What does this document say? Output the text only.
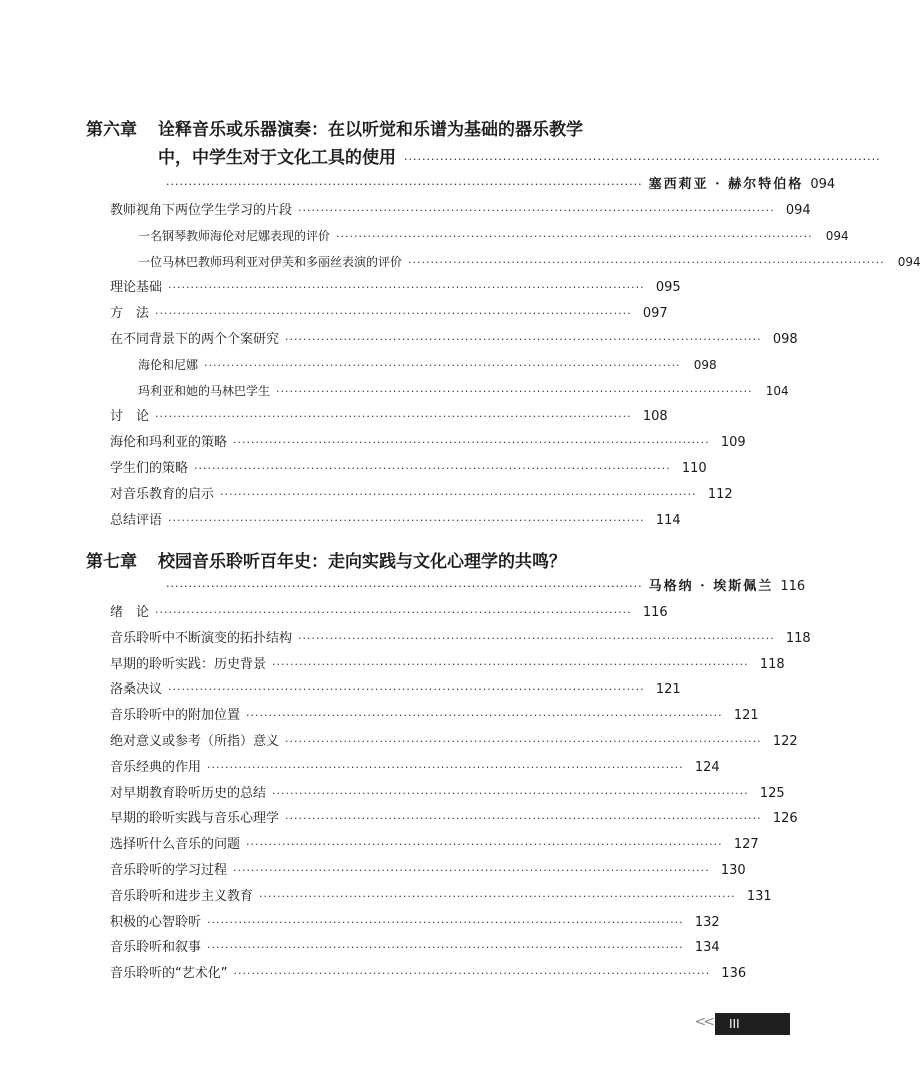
第六章	诠释音乐或乐器演奏：在以听觉和乐谱为基础的器乐教学
中，中学生对于文化工具的使用 ··········································································································
·········································································································· 塞西莉亚 · 赫尔特伯格 094
教师视角下两位学生学习的片段 ·········································································································· 094
一名钢琴教师海伦对尼娜表现的评价 ··········································································································	094
一位马林巴教师玛利亚对伊芙和多丽丝表演的评价 ··········································································································	094
理论基础 ·········································································································· 095
方　法 ·········································································································· 097
在不同背景下的两个个案研究 ·········································································································· 098
海伦和尼娜 ··········································································································	098
玛利亚和她的马林巴学生 ··········································································································	104
讨　论 ·········································································································· 108
海伦和玛利亚的策略 ·········································································································· 109
学生们的策略 ·········································································································· 110
对音乐教育的启示 ·········································································································· 112
总结评语 ·········································································································· 114
第七章	校园音乐聆听百年史：走向实践与文化心理学的共鸣？
·········································································································· 马格纳 · 埃斯佩兰 116
绪　论 ·········································································································· 116
音乐聆听中不断演变的拓扑结构 ·········································································································· 118
早期的聆听实践：历史背景 ·········································································································· 118
洛桑决议 ·········································································································· 121
音乐聆听中的附加位置 ·········································································································· 121
绝对意义或参考（所指）意义 ·········································································································· 122
音乐经典的作用 ·········································································································· 124
对早期教育聆听历史的总结 ·········································································································· 125
早期的聆听实践与音乐心理学 ·········································································································· 126
选择听什么音乐的问题 ·········································································································· 127
音乐聆听的学习过程 ·········································································································· 130
音乐聆听和进步主义教育 ·········································································································· 131
积极的心智聆听 ·········································································································· 132
音乐聆听和叙事 ·········································································································· 134
音乐聆听的“艺术化” ·········································································································· 136
<< III
